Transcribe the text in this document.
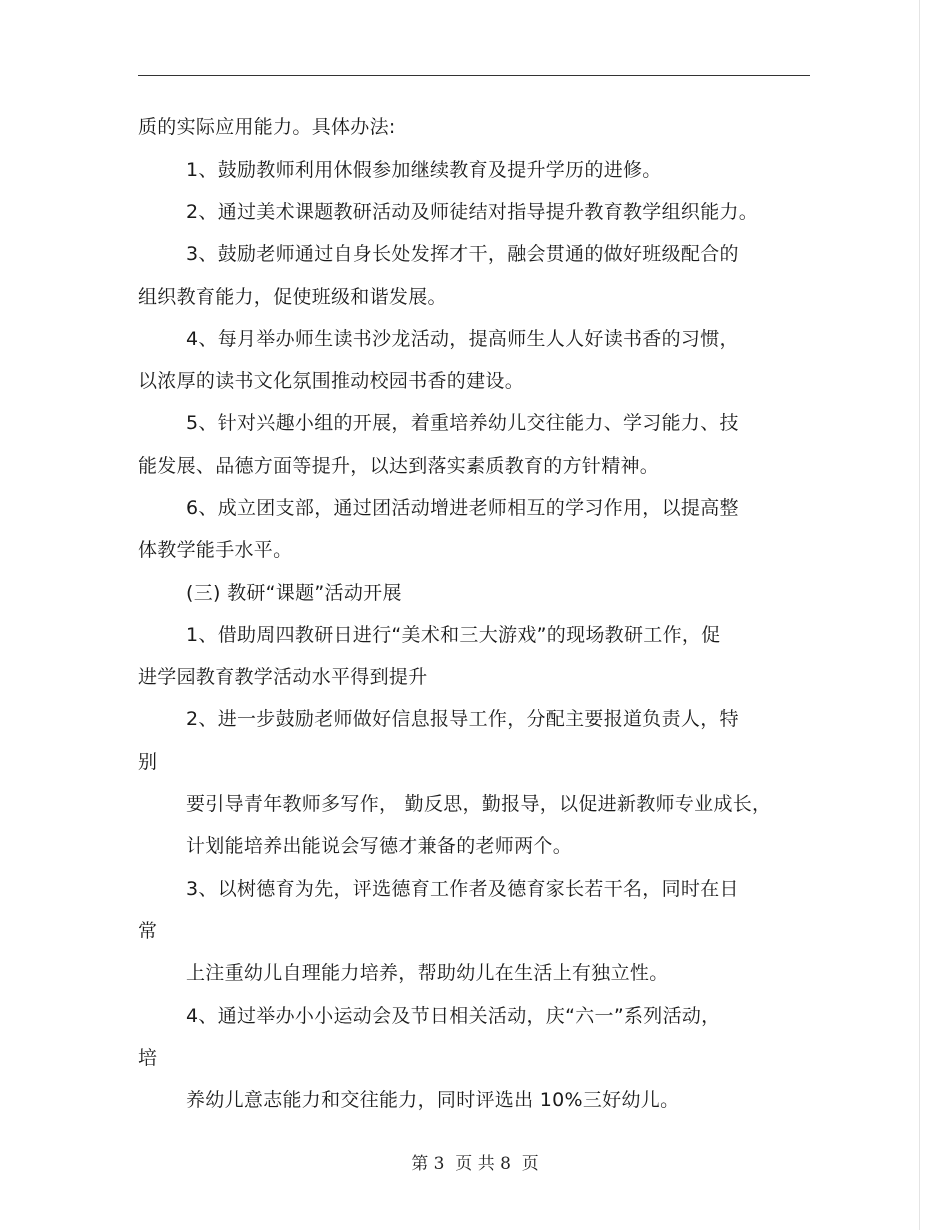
质的实际应用能力。具体办法:
1、鼓励教师利用休假参加继续教育及提升学历的进修。
2、通过美术课题教研活动及师徒结对指导提升教育教学组织能力。
3、鼓励老师通过自身长处发挥才干，融会贯通的做好班级配合的
组织教育能力，促使班级和谐发展。
4、每月举办师生读书沙龙活动，提高师生人人好读书香的习惯，
以浓厚的读书文化氛围推动校园书香的建设。
5、针对兴趣小组的开展，着重培养幼儿交往能力、学习能力、技
能发展、品德方面等提升，以达到落实素质教育的方针精神。
6、成立团支部，通过团活动增进老师相互的学习作用，以提高整
体教学能手水平。
(三) 教研“课题”活动开展
1、借助周四教研日进行“美术和三大游戏”的现场教研工作，促
进学园教育教学活动水平得到提升
2、进一步鼓励老师做好信息报导工作，分配主要报道负责人，特
别
要引导青年教师多写作， 勤反思，勤报导，以促进新教师专业成长，
计划能培养出能说会写德才兼备的老师两个。
3、以树德育为先，评选德育工作者及德育家长若干名，同时在日
常
上注重幼儿自理能力培养，帮助幼儿在生活上有独立性。
4、通过举办小小运动会及节日相关活动，庆“六一”系列活动，
培
养幼儿意志能力和交往能力，同时评选出 10%三好幼儿。
第 3  页 共 8  页
